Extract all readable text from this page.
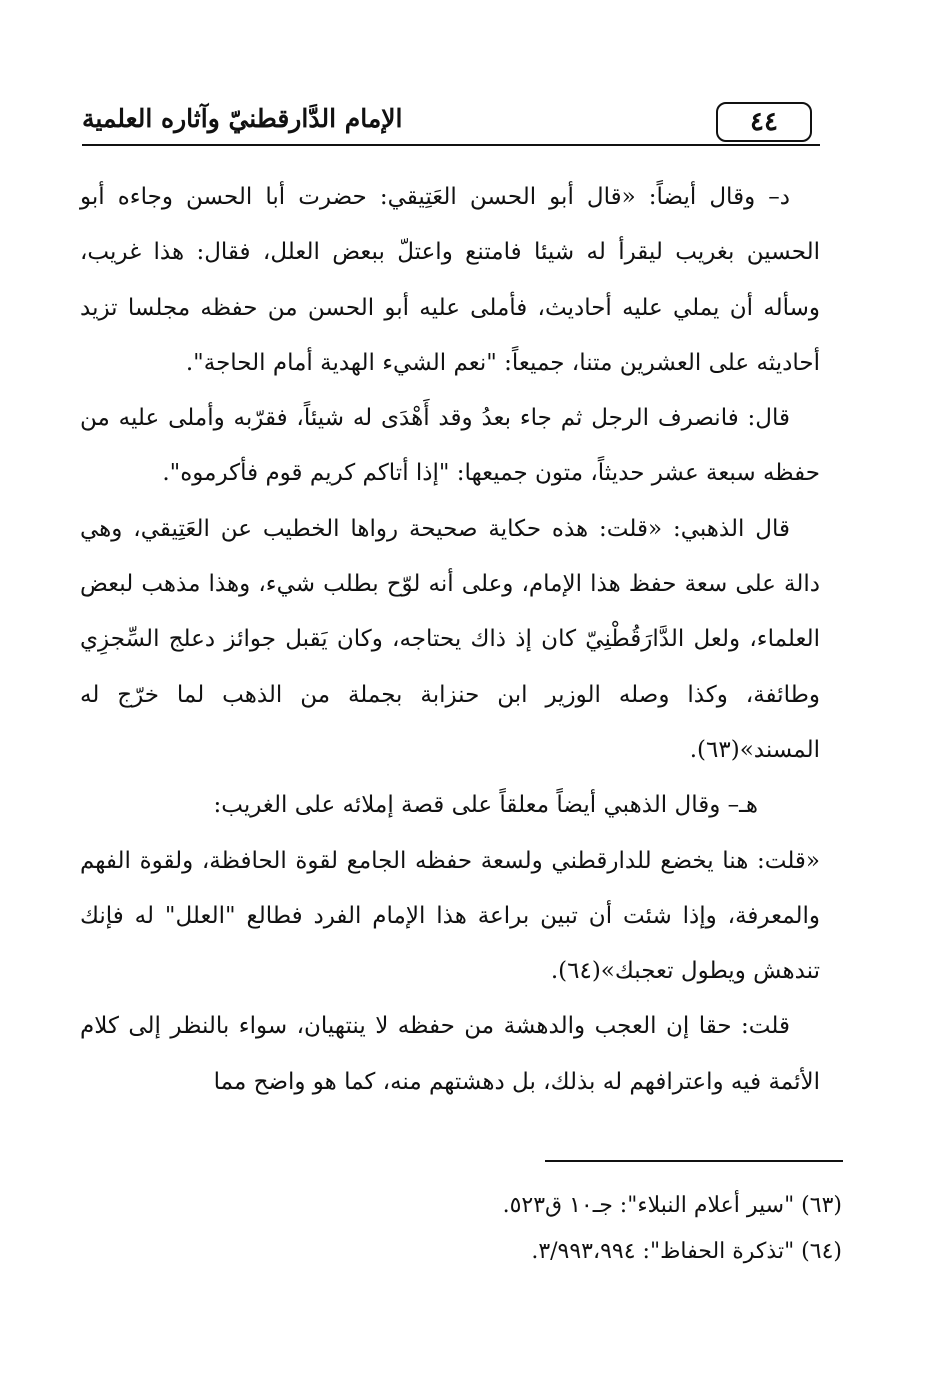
٤٤
الإمام الدَّارقطنيّ وآثاره العلمية

د– وقال أيضاً: «قال أبو الحسن العَتِيقي: حضرت أبا الحسن وجاءه أبو الحسين بغريب ليقرأ له شيئا فامتنع واعتلّ ببعض العلل، فقال: هذا غريب، وسأله أن يملي عليه أحاديث، فأملى عليه أبو الحسن من حفظه مجلسا تزيد أحاديثه على العشرين متنا، جميعاً: "نعم الشيء الهدية أمام الحاجة".

قال: فانصرف الرجل ثم جاء بعدُ وقد أَهْدَى له شيئاً، فقرّبه وأملى عليه من حفظه سبعة عشر حديثاً، متون جميعها: "إذا أتاكم كريم قوم فأكرموه".

قال الذهبي: «قلت: هذه حكاية صحيحة رواها الخطيب عن العَتِيقي، وهي دالة على سعة حفظ هذا الإمام، وعلى أنه لوّح بطلب شيء، وهذا مذهب لبعض العلماء، ولعل الدَّارَقُطْنِيّ كان إذ ذاك يحتاجه، وكان يَقبل جوائز دعلج السِّجزِي وطائفة، وكذا وصله الوزير ابن حنزابة بجملة من الذهب لما خرّج له المسند»(٦٣).

هـ– وقال الذهبي أيضاً معلقاً على قصة إملائه على الغريب:

«قلت: هنا يخضع للدارقطني ولسعة حفظه الجامع لقوة الحافظة، ولقوة الفهم والمعرفة، وإذا شئت أن تبين براعة هذا الإمام الفرد فطالع "العلل" له فإنك تندهش ويطول تعجبك»(٦٤).

قلت: حقا إن العجب والدهشة من حفظه لا ينتهيان، سواء بالنظر إلى كلام الأئمة فيه واعترافهم له بذلك، بل دهشتهم منه، كما هو واضح مما

(٦٣) "سير أعلام النبلاء": جـ١٠ ق٥٢٣.

(٦٤) "تذكرة الحفاظ": ٣/٩٩٣،٩٩٤.
